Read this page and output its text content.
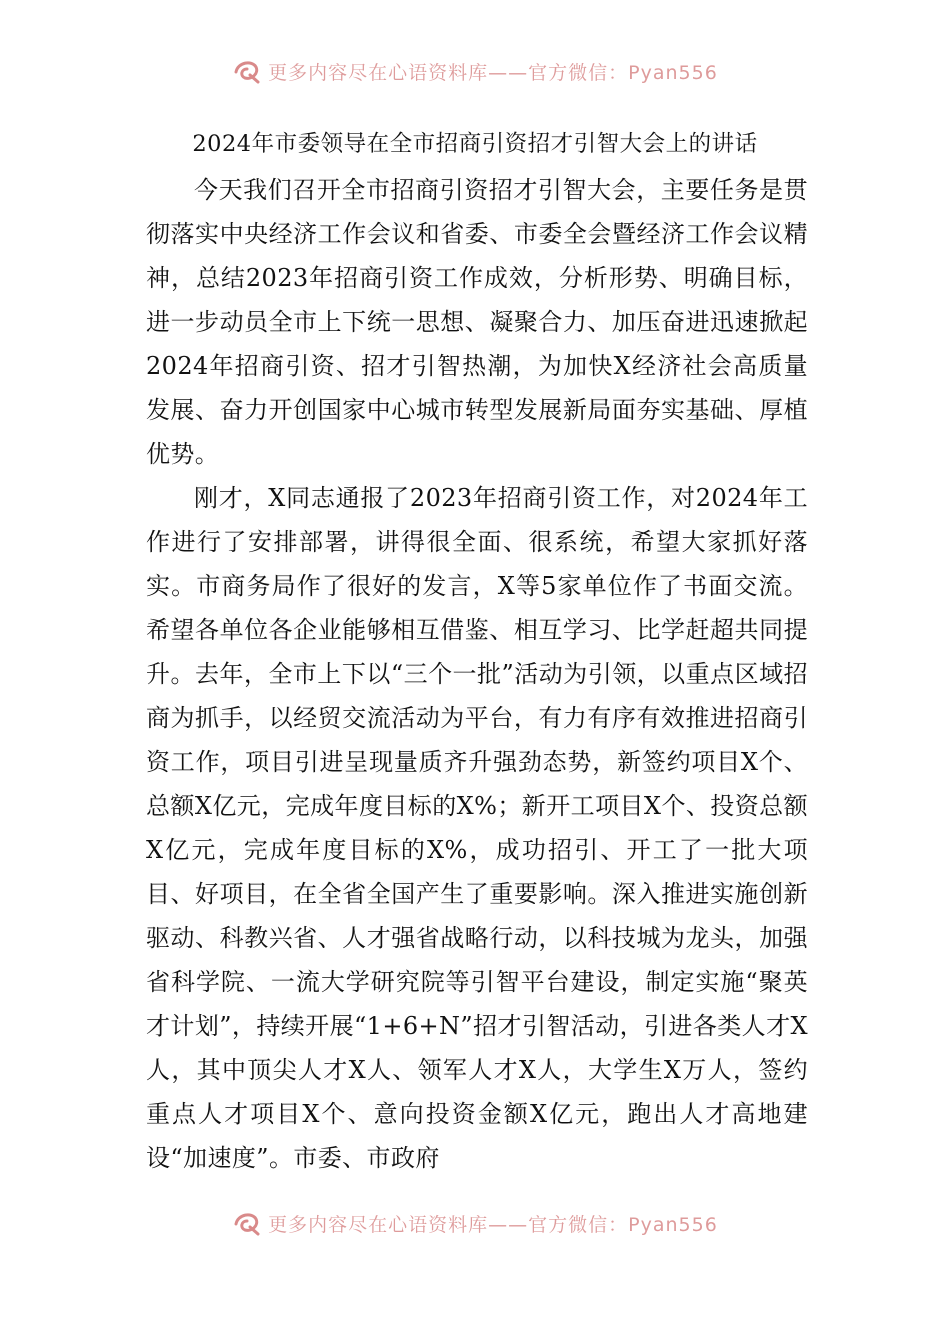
更多内容尽在心语资料库——官方微信：Pyan556
2024年市委领导在全市招商引资招才引智大会上的讲话

今天我们召开全市招商引资招才引智大会，主要任务是贯彻落实中央经济工作会议和省委、市委全会暨经济工作会议精神，总结2023年招商引资工作成效，分析形势、明确目标，进一步动员全市上下统一思想、凝聚合力、加压奋进迅速掀起2024年招商引资、招才引智热潮，为加快X经济社会高质量发展、奋力开创国家中心城市转型发展新局面夯实基础、厚植优势。

刚才，X同志通报了2023年招商引资工作，对2024年工作进行了安排部署，讲得很全面、很系统，希望大家抓好落实。市商务局作了很好的发言，X等5家单位作了书面交流。希望各单位各企业能够相互借鉴、相互学习、比学赶超共同提升。去年，全市上下以“三个一批”活动为引领，以重点区域招商为抓手，以经贸交流活动为平台，有力有序有效推进招商引资工作，项目引进呈现量质齐升强劲态势，新签约项目X个、总额X亿元，完成年度目标的X%；新开工项目X个、投资总额X亿元，完成年度目标的X%，成功招引、开工了一批大项目、好项目，在全省全国产生了重要影响。深入推进实施创新驱动、科教兴省、人才强省战略行动，以科技城为龙头，加强省科学院、一流大学研究院等引智平台建设，制定实施“聚英才计划”，持续开展“1+6+N”招才引智活动，引进各类人才X人，其中顶尖人才X人、领军人才X人，大学生X万人，签约重点人才项目X个、意向投资金额X亿元，跑出人才高地建设“加速度”。市委、市政府

更多内容尽在心语资料库——官方微信：Pyan556
